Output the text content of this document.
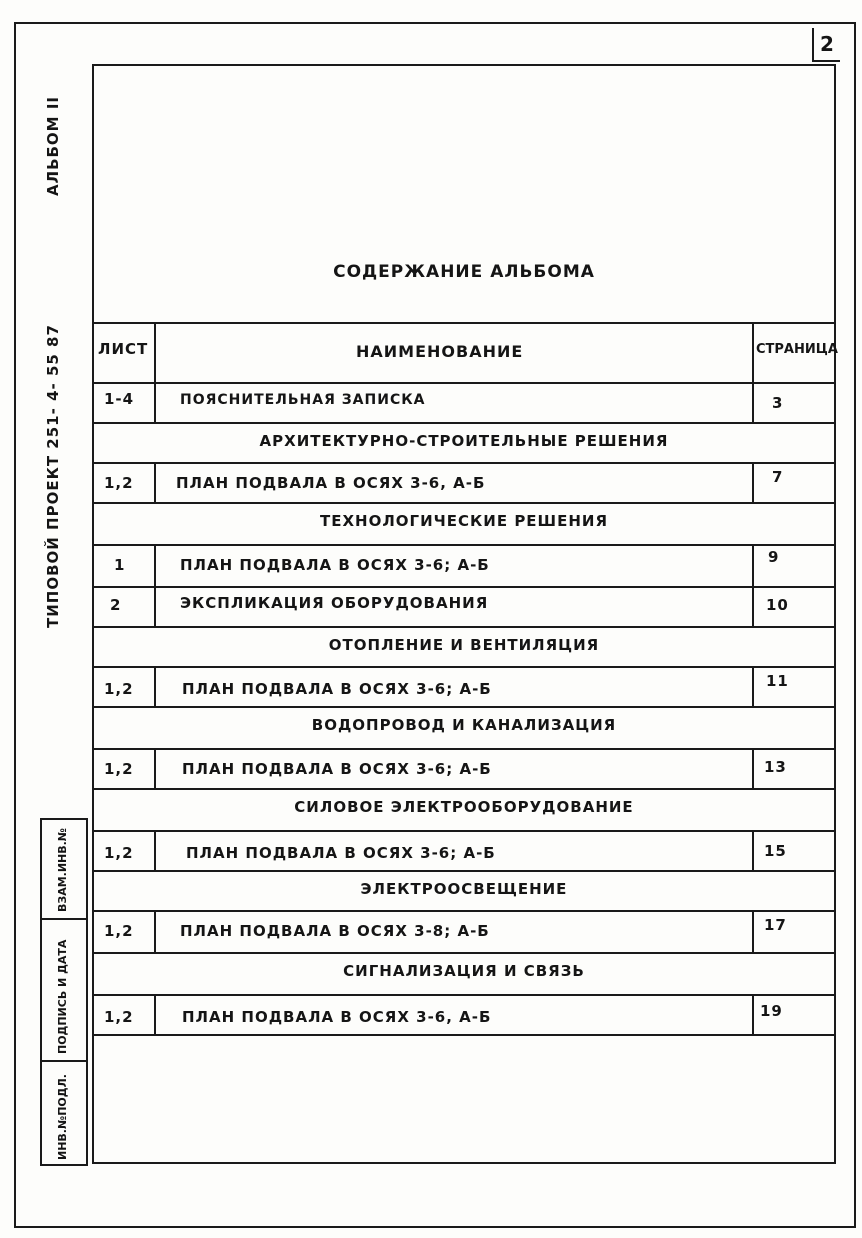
2
АЛЬБОМ II
ТИПОВОЙ ПРОЕКТ 251- 4- 55 87
ВЗАМ.ИНВ.№
ПОДПИСЬ И ДАТА
ИНВ.№ПОДЛ.
СОДЕРЖАНИЕ АЛЬБОМА
ЛИСТ	НАИМЕНОВАНИЕ	СТРАНИЦА
1-4	ПОЯСНИТЕЛЬНАЯ ЗАПИСКА	3
АРХИТЕКТУРНО-СТРОИТЕЛЬНЫЕ РЕШЕНИЯ
1,2	ПЛАН ПОДВАЛА В ОСЯХ 3-6, А-Б	7
ТЕХНОЛОГИЧЕСКИЕ РЕШЕНИЯ
1	ПЛАН ПОДВАЛА В ОСЯХ 3-6; А-Б	9
2	ЭКСПЛИКАЦИЯ ОБОРУДОВАНИЯ	10
ОТОПЛЕНИЕ И ВЕНТИЛЯЦИЯ
1,2	ПЛАН ПОДВАЛА В ОСЯХ 3-6; А-Б	11
ВОДОПРОВОД И КАНАЛИЗАЦИЯ
1,2	ПЛАН ПОДВАЛА В ОСЯХ 3-6; А-Б	13
СИЛОВОЕ ЭЛЕКТРООБОРУДОВАНИЕ
1,2	ПЛАН ПОДВАЛА В ОСЯХ 3-6; А-Б	15
ЭЛЕКТРООСВЕЩЕНИЕ
1,2	ПЛАН ПОДВАЛА В ОСЯХ 3-8; А-Б	17
СИГНАЛИЗАЦИЯ И СВЯЗЬ
1,2	ПЛАН ПОДВАЛА В ОСЯХ 3-6, А-Б	19
